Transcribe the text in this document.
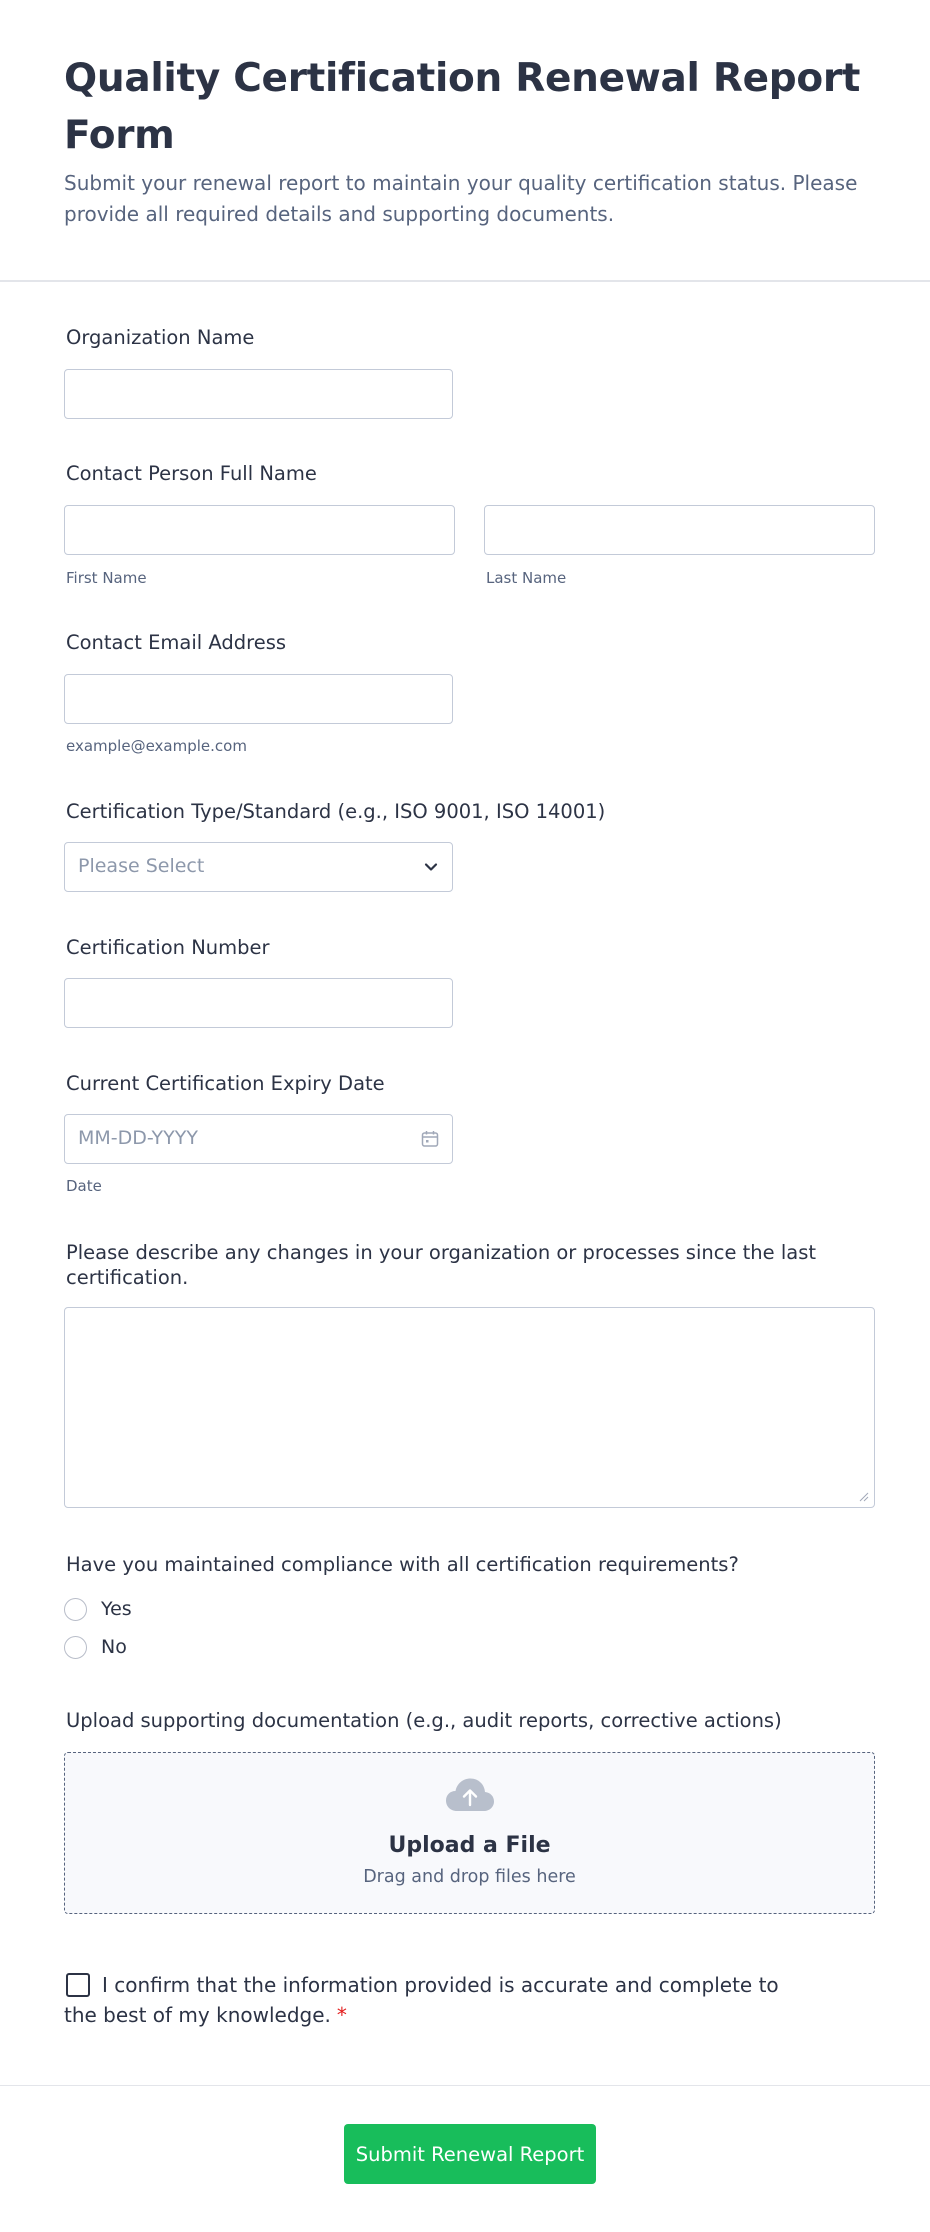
Quality Certification Renewal Report Form

Submit your renewal report to maintain your quality certification status. Please provide all required details and supporting documents.

Organization Name
Contact Person Full Name
First Name	Last Name
Contact Email Address
example@example.com
Certification Type/Standard (e.g., ISO 9001, ISO 14001)
Please Select
Certification Number
Current Certification Expiry Date
MM-DD-YYYY
Date
Please describe any changes in your organization or processes since the last certification.
Have you maintained compliance with all certification requirements?
Yes
No
Upload supporting documentation (e.g., audit reports, corrective actions)
Upload a File
Drag and drop files here
I confirm that the information provided is accurate and complete to the best of my knowledge. *
Submit Renewal Report
